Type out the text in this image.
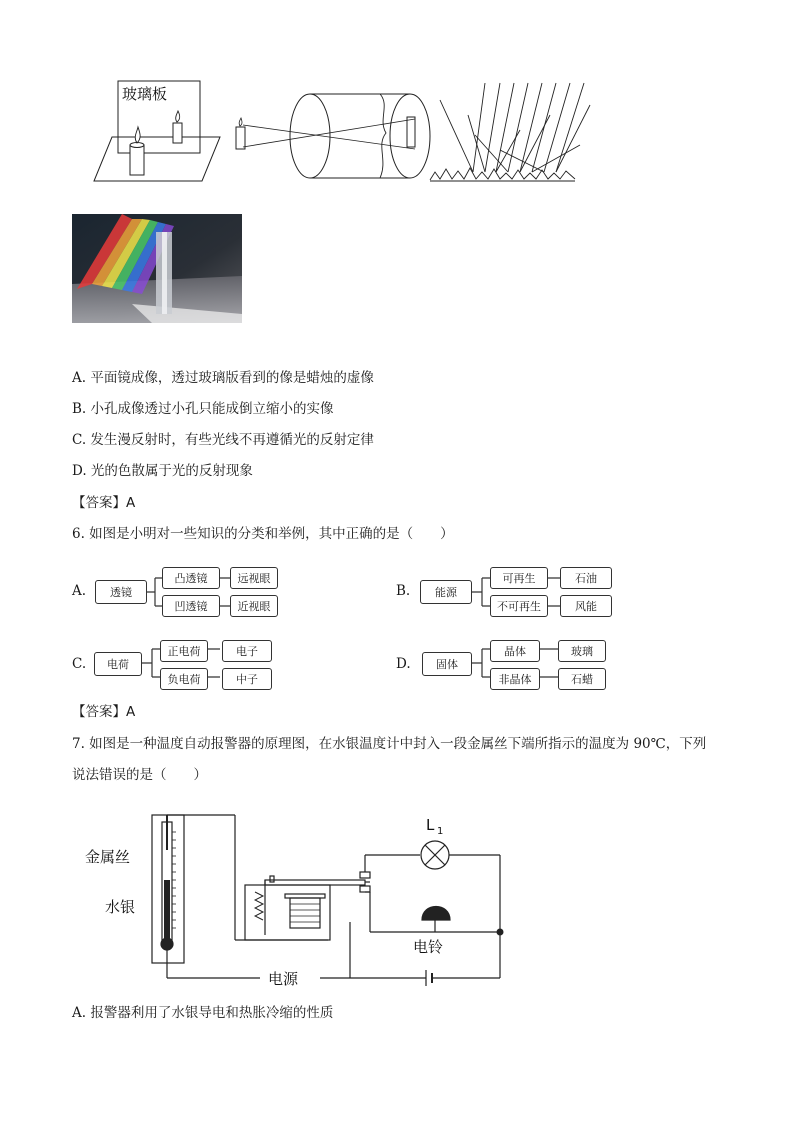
玻璃板
A. 平面镜成像，透过玻璃版看到的像是蜡烛的虚像
B. 小孔成像透过小孔只能成倒立缩小的实像
C. 发生漫反射时，有些光线不再遵循光的反射定律
D. 光的色散属于光的反射现象
【答案】A
6. 如图是小明对一些知识的分类和举例，其中正确的是（　　）
A.	透镜
凸透镜
凹透镜
远视眼
近视眼
B.	能源
可再生
不可再生
石油
风能
C.	电荷
正电荷
负电荷
电子
中子
D.	固体
晶体
非晶体
玻璃
石蜡
【答案】A
7. 如图是一种温度自动报警器的原理图，在水银温度计中封入一段金属丝下端所指示的温度为 90℃，下列
说法错误的是（　　）
金属丝
水银
电源
L 1
电铃
A. 报警器利用了水银导电和热胀冷缩的性质
